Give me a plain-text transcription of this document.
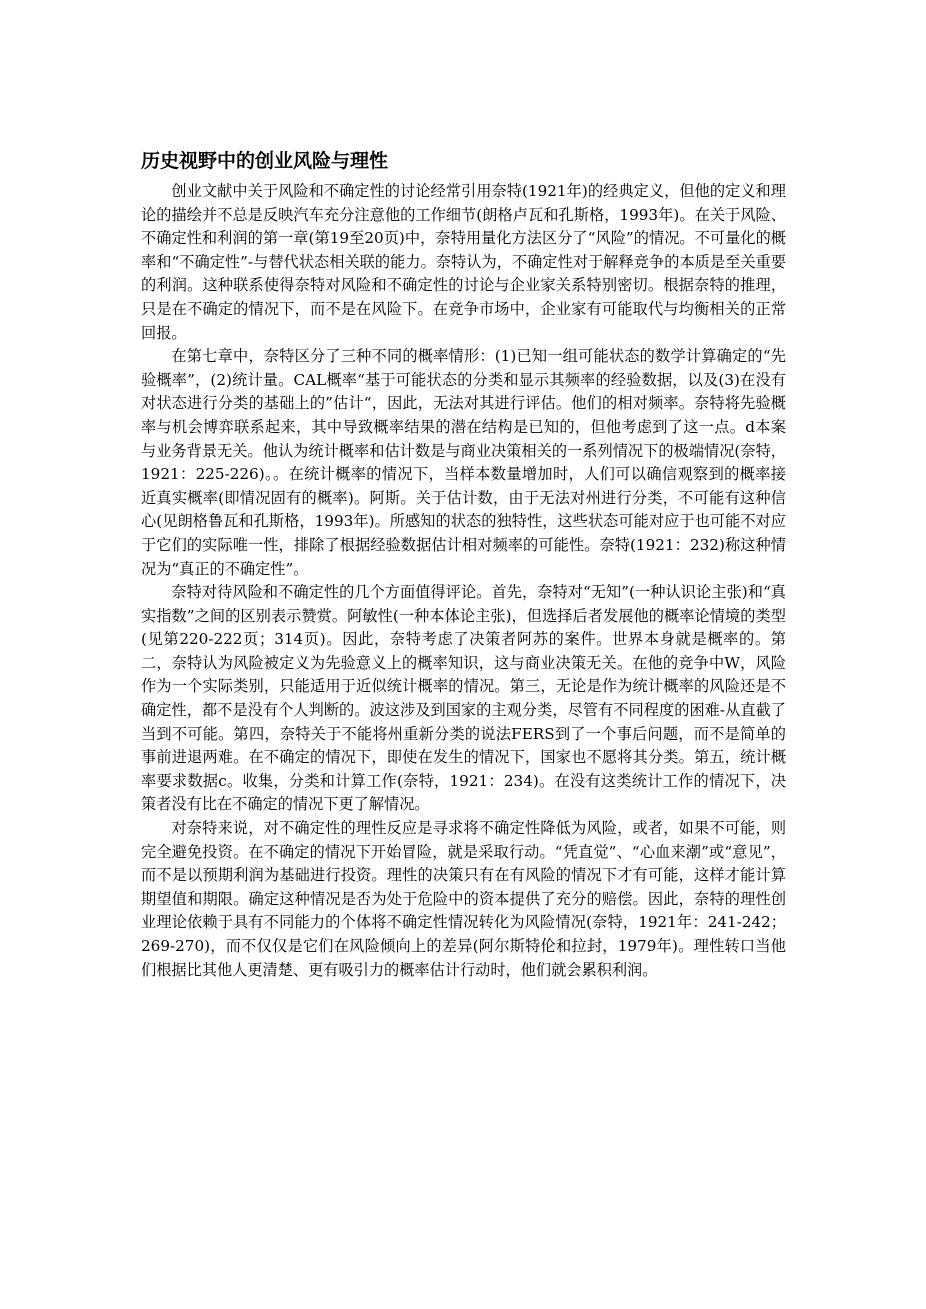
历史视野中的创业风险与理性

创业文献中关于风险和不确定性的讨论经常引用奈特(1921年)的经典定义，但他的定义和理论的描绘并不总是反映汽车充分注意他的工作细节(朗格卢瓦和孔斯格，1993年)。在关于风险、不确定性和利润的第一章(第19至20页)中，奈特用量化方法区分了“风险”的情况。不可量化的概率和“不确定性”-与替代状态相关联的能力。奈特认为，不确定性对于解释竞争的本质是至关重要的利润。这种联系使得奈特对风险和不确定性的讨论与企业家关系特别密切。根据奈特的推理，只是在不确定的情况下，而不是在风险下。在竞争市场中，企业家有可能取代与均衡相关的正常回报。

在第七章中，奈特区分了三种不同的概率情形：(1)已知一组可能状态的数学计算确定的“先验概率”，(2)统计量。CAL概率“基于可能状态的分类和显示其频率的经验数据，以及(3)在没有对状态进行分类的基础上的”估计“，因此，无法对其进行评估。他们的相对频率。奈特将先验概率与机会博弈联系起来，其中导致概率结果的潜在结构是已知的，但他考虑到了这一点。d本案与业务背景无关。他认为统计概率和估计数是与商业决策相关的一系列情况下的极端情况(奈特，1921：225-226)。。在统计概率的情况下，当样本数量增加时，人们可以确信观察到的概率接近真实概率(即情况固有的概率)。阿斯。关于估计数，由于无法对州进行分类，不可能有这种信心(见朗格鲁瓦和孔斯格，1993年)。所感知的状态的独特性，这些状态可能对应于也可能不对应于它们的实际唯一性，排除了根据经验数据估计相对频率的可能性。奈特(1921：232)称这种情况为“真正的不确定性”。

奈特对待风险和不确定性的几个方面值得评论。首先，奈特对“无知”(一种认识论主张)和“真实指数”之间的区别表示赞赏。阿敏性(一种本体论主张)，但选择后者发展他的概率论情境的类型(见第220-222页；314页)。因此，奈特考虑了决策者阿苏的案件。世界本身就是概率的。第二，奈特认为风险被定义为先验意义上的概率知识，这与商业决策无关。在他的竞争中W，风险作为一个实际类别，只能适用于近似统计概率的情况。第三，无论是作为统计概率的风险还是不确定性，都不是没有个人判断的。波这涉及到国家的主观分类，尽管有不同程度的困难-从直截了当到不可能。第四，奈特关于不能将州重新分类的说法FERS到了一个事后问题，而不是简单的事前进退两难。在不确定的情况下，即使在发生的情况下，国家也不愿将其分类。第五，统计概率要求数据c。收集，分类和计算工作(奈特，1921：234)。在没有这类统计工作的情况下，决策者没有比在不确定的情况下更了解情况。

对奈特来说，对不确定性的理性反应是寻求将不确定性降低为风险，或者，如果不可能，则完全避免投资。在不确定的情况下开始冒险，就是采取行动。“凭直觉”、“心血来潮”或“意见”，而不是以预期利润为基础进行投资。理性的决策只有在有风险的情况下才有可能，这样才能计算期望值和期限。确定这种情况是否为处于危险中的资本提供了充分的赔偿。因此，奈特的理性创业理论依赖于具有不同能力的个体将不确定性情况转化为风险情况(奈特，1921年：241-242；269-270)，而不仅仅是它们在风险倾向上的差异(阿尔斯特伦和拉封，1979年)。理性转口当他们根据比其他人更清楚、更有吸引力的概率估计行动时，他们就会累积利润。
